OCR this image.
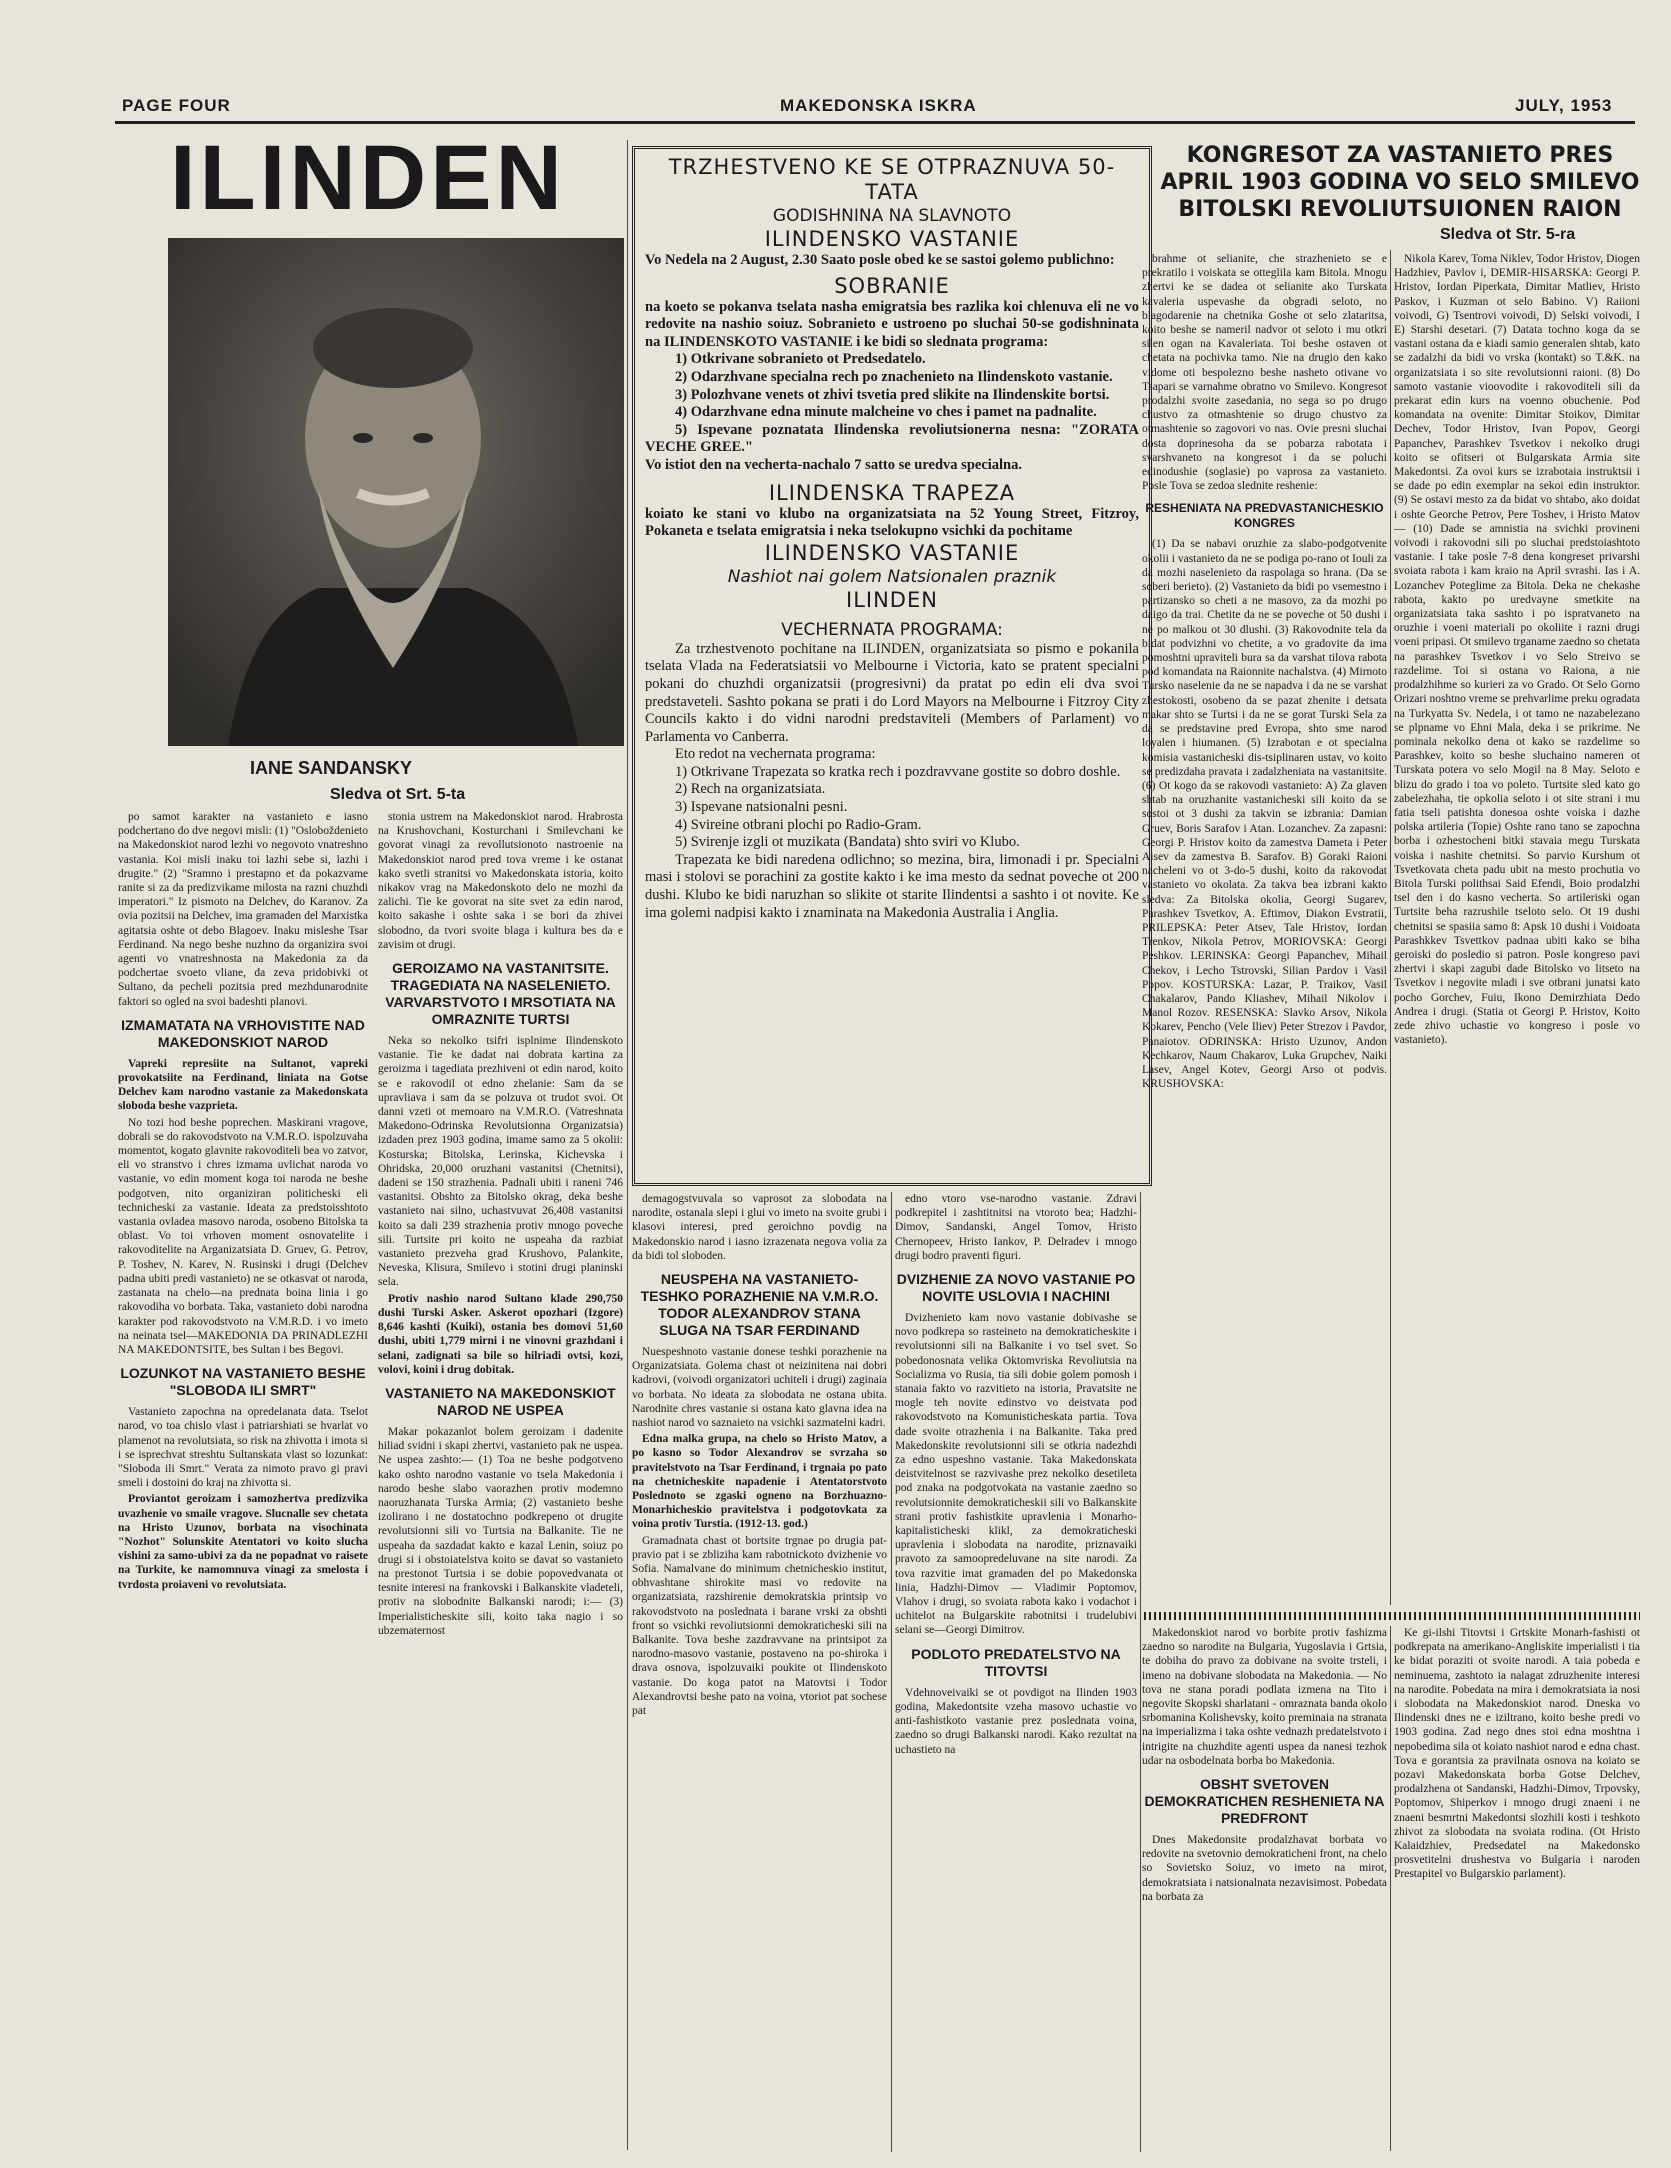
PAGE FOUR	MAKEDONSKA ISKRA	JULY, 1953
ILINDEN
IANE SANDANSKY
Sledva ot Srt. 5-ta

po samot karakter na vastanieto e iasno podchertano do dve negovi misli: (1) "Osloboždenieto na Makedonskiot narod lezhi vo negovoto vnatreshno vastania. Koi misli inaku toi lazhi sebe si, lazhi i drugite." (2) "Sramno i prestapno et da pokazvame ranite si za da predizvikame milosta na razni chuzhdi imperatori." Iz pismoto na Delchev, do Karanov. Za ovia pozitsii na Delchev, ima gramaden del Marxistka agitatsia oshte ot debo Blagoev. Inaku misleshe Tsar Ferdinand. Na nego beshe nuzhno da organizira svoi agenti vo vnatreshnosta na Makedonia za da podchertae svoeto vliane, da zeva pridobivki ot Sultano, da pecheli pozitsia pred mezhdunarodnite faktori so ogled na svoi badeshti planovi.

IZMAMATATA NA VRHOVISTITE NAD MAKEDONSKIOT NAROD

Vapreki represiite na Sultanot, vapreki provokatsiite na Ferdinand, liniata na Gotse Delchev kam narodno vastanie za Makedonskata sloboda beshe vazprieta.

No tozi hod beshe poprechen. Maskirani vragove, dobrali se do rakovodstvoto na V.M.R.O. ispolzuvaha momentot, kogato glavnite rakovoditeli bea vo zatvor, eli vo stranstvo i chres izmama uvlichat naroda vo vastanie, vo edin moment koga toi naroda ne beshe podgotven, nito organiziran politicheski eli technicheski za vastanie. Ideata za predstoisshtoto vastania ovladea masovo naroda, osobeno Bitolska ta oblast. Vo toi vrhoven moment osnovatelite i rakovoditelite na Arganizatsiata D. Gruev, G. Petrov, P. Toshev, N. Karev, N. Rusinski i drugi (Delchev padna ubiti predi vastanieto) ne se otkasvat ot naroda, zastanata na chelo—na prednata boina linia i go rakovodiha vo borbata. Taka, vastanieto dobi narodna karakter pod rakovodstvoto na V.M.R.D. i vo imeto na neinata tsel—MAKEDONIA DA PRINADLEZHI NA MAKEDONTSITE, bes Sultan i bes Begovi.

LOZUNKOT NA VASTANIETO BESHE "SLOBODA ILI SMRT"

Vastanieto zapochna na opredelanata data. Tselot narod, vo toa chislo vlast i patriarshiati se hvarlat vo plamenot na revolutsiata, so risk na zhivotta i imota si i se isprechvat streshtu Sultanskata vlast so lozunkat: "Sloboda ili Smrt." Verata za nimoto pravo gi pravi smeli i dostoini do kraj na zhivotta si.

Proviantot geroizam i samozhertva predizvika uvazhenie vo smaile vragove. Slucnalle sev chetata na Hristo Uzunov, borbata na visochinata "Nozhot" Solunskite Atentatori vo koito slucha vishini za samo-ubivi za da ne popadnat vo raisete na Turkite, ke namomnuva vinagi za smelosta i tvrdosta proiaveni vo revolutsiata.

stonia ustrem na Makedonskiot narod. Hrabrosta na Krushovchani, Kosturchani i Smilevchani ke govorat vinagi za revollutsionoto nastroenie na Makedonskiot narod pred tova vreme i ke ostanat kako svetli stranitsi vo Makedonskata istoria, koito nikakov vrag na Makedonskoto delo ne mozhi da zalichi. Tie ke govorat na site svet za edin narod, koito sakashe i oshte saka i se bori da zhivei slobodno, da tvori svoite blaga i kultura bes da e zavisim ot drugi.

GEROIZAMO NA VASTANITSITE. TRAGEDIATA NA NASELENIETO. VARVARSTVOTO I MRSOTIATA NA OMRAZNITE TURTSI

Neka so nekolko tsifri isplnime Ilindenskoto vastanie. Tie ke dadat nai dobrata kartina za geroizma i tagediata prezhiveni ot edin narod, koito se e rakovodil ot edno zhelanie: Sam da se upravliava i sam da se polzuva ot trudot svoi. Ot danni vzeti ot memoaro na V.M.R.O. (Vatreshnata Makedono-Odrinska Revolutsionna Organizatsia) izdaden prez 1903 godina, imame samo za 5 okolii: Kosturska; Bitolska, Lerinska, Kichevska i Ohridska, 20,000 oruzhani vastanitsi (Chetnitsi), dadeni se 150 strazhenia. Padnali ubiti i raneni 746 vastanitsi. Obshto za Bitolsko okrag, deka beshe vastanieto nai silno, uchastvuvat 26,408 vastanitsi koito sa dali 239 strazhenia protiv mnogo poveche sili. Turtsite pri koito ne uspeaha da razbiat vastanieto prezveha grad Krushovo, Palankite, Neveska, Klisura, Smilevo i stotini drugi planinski sela.

Protiv nashio narod Sultano klade 290,750 dushi Turski Asker. Askerot opozhari (Izgore) 8,646 kashti (Kuiki), ostania bes domovi 51,60 dushi, ubiti 1,779 mirni i ne vinovni grazhdani i selani, zadignati sa bile so hilriadi ovtsi, kozi, volovi, koini i drug dobitak.

VASTANIETO NA MAKEDONSKIOT NAROD NE USPEA

Makar pokazanlot bolem geroizam i dadenite hiliad svidni i skapi zhertvi, vastanieto pak ne uspea. Ne uspea zashto:— (1) Toa ne beshe podgotveno kako oshto narodno vastanie vo tsela Makedonia i narodo beshe slabo vaorazhen protiv modemno naoruzhanata Turska Armia; (2) vastanieto beshe izolirano i ne dostatochno podkrepeno ot drugite revolutsionni sili vo Turtsia na Balkanite. Tie ne uspeaha da sazdadat kakto e kazal Lenin, soiuz po drugi si i obstoiatelstva koito se davat so vastanieto na prestonot Turtsia i se dobie popovedvanata ot tesnite interesi na frankovski i Balkanskite vladeteli, protiv na slobodnite Balkanski narodi; i:— (3) Imperialisticheskite sili, koito taka nagio i so ubzematernost

TRZHESTVENO KE SE OTPRAZNUVA 50-TATA
GODISHNINA NA SLAVNOTO
ILINDENSKO VASTANIE

Vo Nedela na 2 August, 2.30 Saato posle obed ke se sastoi golemo publichno:

SOBRANIE

na koeto se pokanva tselata nasha emigratsia bes razlika koi chlenuva eli ne vo redovite na nashio soiuz. Sobranieto e ustroeno po sluchai 50-se godishninata na ILINDENSKOTO VASTANIE i ke bidi so slednata programa:

1) Otkrivane sobranieto ot Predsedatelo.

2) Odarzhvane specialna rech po znachenieto na Ilindenskoto vastanie.

3) Polozhvane venets ot zhivi tsvetia pred slikite na Ilindenskite bortsi.

4) Odarzhvane edna minute malcheine vo ches i pamet na padnalite.

5) Ispevane poznatata Ilindenska revoliutsionerna nesna: "ZORATA VECHE GREE."

Vo istiot den na vecherta-nachalo 7 satto se uredva specialna.

ILINDENSKA TRAPEZA

koiato ke stani vo klubo na organizatsiata na 52 Young Street, Fitzroy, Pokaneta e tselata emigratsia i neka tselokupno vsichki da pochitame

ILINDENSKO VASTANIE
Nashiot nai golem Natsionalen praznik
ILINDEN
VECHERNATA PROGRAMA:

Za trzhestvenoto pochitane na ILINDEN, organizatsiata so pismo e pokanila tselata Vlada na Federatsiatsii vo Melbourne i Victoria, kato se pratent specialni pokani do chuzhdi organizatsii (progresivni) da pratat po edin eli dva svoi predstaveteli. Sashto pokana se prati i do Lord Mayors na Melbourne i Fitzroy City Councils kakto i do vidni narodni predstaviteli (Members of Parlament) vo Parlamenta vo Canberra.

Eto redot na vechernata programa:

1) Otkrivane Trapezata so kratka rech i pozdravvane gostite so dobro doshle.

2) Rech na organizatsiata.

3) Ispevane natsionalni pesni.

4) Svireine otbrani plochi po Radio-Gram.

5) Svirenje izgli ot muzikata (Bandata) shto sviri vo Klubo.

Trapezata ke bidi naredena odlichno; so mezina, bira, limonadi i pr. Specialni masi i stolovi se porachini za gostite kakto i ke ima mesto da sednat poveche ot 200 dushi. Klubo ke bidi naruzhan so slikite ot starite Ilindentsi a sashto i ot novite. Ke ima golemi nadpisi kakto i znaminata na Makedonia Australia i Anglia.

KONGRESOT ZA VASTANIETO PRES APRIL 1903 GODINA VO SELO SMILEVO BITOLSKI REVOLIUTSUIONEN RAION
Sledva ot Str. 5-ra

brahme ot selianite, che strazhenieto se e prekratilo i voiskata se otteglila kam Bitola. Mnogu zhertvi ke se dadea ot selianite ako Turskata kavaleria uspevashe da obgradi seloto, no blagodarenie na chetnika Goshe ot selo zlataritsa, koito beshe se nameril nadvor ot seloto i mu otkri silen ogan na Kavaleriata. Toi beshe ostaven ot chetata na pochivka tamo. Nie na drugio den kako vidome oti bespolezno beshe nasheto otivane vo Tsapari se varnahme obratno vo Smilevo. Kongresot prodalzhi svoite zasedania, no sega so po drugo chustvo za otmashtenie so drugo chustvo za otmashtenie so zagovori vo nas. Ovie presni sluchai dosta doprinesoha da se pobarza rabotata i svarshvaneto na kongresot i da se poluchi edinodushie (soglasie) po vaprosa za vastanieto. Posle Tova se zedoa slednite reshenie:

RESHENIATA NA PREDVASTANICHESKIO KONGRES

(1) Da se nabavi oruzhie za slabo-podgotvenite okolii i vastanieto da ne se podiga po-rano ot Iouli za da mozhi naselenieto da raspolaga so hrana. (Da se soberi berieto). (2) Vastanieto da bidi po vsemestno i partizansko so cheti a ne masovo, za da mozhi po daigo da trai. Chetite da ne se poveche ot 50 dushi i ne po malkou ot 30 dlushi. (3) Rakovodnite tela da bidat podvizhni vo chetite, a vo gradovite da ima pomoshtni upraviteli bura sa da varshat tilova rabota pod komandata na Raionnite nachalstva. (4) Mirnoto Tursko naselenie da ne se napadva i da ne se varshat zhestokosti, osobeno da se pazat zhenite i detsata makar shto se Turtsi i da ne se gorat Turski Sela za da se predstavine pred Evropa, shto sme narod loyalen i hiumanen. (5) Izrabotan e ot specialna komisia vastanicheski dis-tsiplinaren ustav, vo koito se predizdaha pravata i zadalzheniata na vastanitsite. (6) Ot kogo da se rakovodi vastanieto: A) Za glaven shtab na oruzhanite vastanicheski sili koito da se sostoi ot 3 dushi za takvin se izbrania: Damian Gruev, Boris Sarafov i Atan. Lozanchev. Za zapasni: Georgi P. Hristov koito da zamestva Dameta i Peter Aisev da zamestva B. Sarafov. B) Goraki Raioni nacheleni vo ot 3-do-5 dushi, koito da rakovodat vastanieto vo okolata. Za takva bea izbrani kakto sledva: Za Bitolska okolia, Georgi Sugarev, Parashkev Tsvetkov, A. Eftimov, Diakon Evstratii, PRILEPSKA: Peter Atsev, Tale Hristov, Iordan Trenkov, Nikola Petrov, MORIOVSKA: Georgi Peshkov. LERINSKA: Georgi Papanchev, Mihail Chekov, i Lecho Tstrovski, Silian Pardov i Vasil Popov. KOSTURSKA: Lazar, P. Traikov, Vasil Chakalarov, Pando Kliashev, Mihail Nikolov i Manol Rozov. RESENSKA: Slavko Arsov, Nikola Kokarev, Pencho (Vele Iliev) Peter Strezov i Pavdor, Panaiotov. ODRINSKA: Hristo Uzunov, Andon Kechkarov, Naum Chakarov, Luka Grupchev, Naiki Lasev, Angel Kotev, Georgi Arso ot podvis. KRUSHOVSKA:

Nikola Karev, Toma Niklev, Todor Hristov, Diogen Hadzhiev, Pavlov i, DEMIR-HISARSKA: Georgi P. Hristov, Iordan Piperkata, Dimitar Matliev, Hristo Paskov, i Kuzman ot selo Babino. V) Raiioni voivodi, G) Tsentrovi voivodi, D) Selski voivodi, I E) Starshi desetari. (7) Datata tochno koga da se vastani ostana da e kiadi samio generalen shtab, kato se zadalzhi da bidi vo vrska (kontakt) so T.&K. na organizatsiata i so site revolutsionni raioni. (8) Do samoto vastanie vioovodite i rakovoditeli sili da prekarat edin kurs na voenno obuchenie. Pod komandata na ovenite: Dimitar Stoikov, Dimitar Dechev, Todor Hristov, Ivan Popov, Georgi Papanchev, Parashkev Tsvetkov i nekolko drugi koito se ofitseri ot Bulgarskata Armia site Makedontsi. Za ovoi kurs se izrabotaia instruktsii i se dade po edin exemplar na sekoi edin instruktor. (9) Se ostavi mesto za da bidat vo shtabo, ako doidat i oshte Georche Petrov, Pere Toshev, i Hristo Matov— (10) Dade se amnistia na svichki provineni voivodi i rakovodni sili po sluchai predstoiashtoto vastanie. I take posle 7-8 dena kongreset privarshi svoiata rabota i kam kraio na April svrashi. Ias i A. Lozanchev Poteglime za Bitola. Deka ne chekashe rabota, kakto po uredvayne smetkite na organizatsiata taka sashto i po ispratvaneto na oruzhie i voeni materiali po okoliite i razni drugi voeni pripasi. Ot smilevo trganame zaedno so chetata na parashkev Tsvetkov i vo Selo Streivo se razdelime. Toi si ostana vo Raiona, a nie prodalzhihme so kurieri za vo Grado. Ot Selo Gorno Orizari noshtno vreme se prehvarlime preku ogradata na Turkyatta Sv. Nedela, i ot tamo ne nazabelezano se plpname vo Ehni Mala, deka i se prikrime. Ne pominala nekolko dena ot kako se razdelime so Parashkev, koito so beshe sluchaino nameren ot Turskata potera vo selo Mogil na 8 May. Seloto e blizu do grado i toa vo poleto. Turtsite sled kato go zabelezhaha, tie opkolia seloto i ot site strani i mu fatia tseli patishta donesoa oshte voiska i dazhe polska artileria (Topie) Oshte rano tano se zapochna borba i ozhestocheni bitki stavaia megu Turskata voiska i nashite chetnitsi. So parvio Kurshum ot Tsvetkovata cheta padu ubit na mesto prochutia vo Bitola Turski polithsai Said Efendi, Boio prodalzhi tsel den i do kasno vecherta. So artileriski ogan Turtsite beha razrushile tseloto selo. Ot 19 dushi chetnitsi se spasiia samo 8: Apsk 10 dushi i Voidoata Parashkkev Tsvettkov padnaa ubiti kako se biha geroiski do posledio si patron. Posle kongreso pavi zhertvi i skapi zagubi dade Bitolsko vo litseto na Tsvetkov i negovite mladi i sve otbrani junatsi kato pocho Gorchev, Fuiu, Ikono Demirzhiata Dedo Andrea i drugi. (Statia ot Georgi P. Hristov, Koito zede zhivo uchastie vo kongreso i posle vo vastanieto).

demagogstvuvala so vaprosot za slobodata na narodite, ostanala slepi i glui vo imeto na svoite grubi i klasovi interesi, pred geroichno povdig na Makedonskio narod i iasno izrazenata negova volia za da bidi tol sloboden.

NEUSPEHA NA VASTANIETO-TESHKO PORAZHENIE NA V.M.R.O. TODOR ALEXANDROV STANA SLUGA NA TSAR FERDINAND

Nuespeshnoto vastanie donese teshki porazhenie na Organizatsiata. Golema chast ot neizinitena nai dobri kadrovi, (voivodi organizatori uchiteli i drugi) zaginaia vo borbata. No ideata za slobodata ne ostana ubita. Narodnite chres vastanie si ostana kato glavna idea na nashiot narod vo saznaieto na vsichki sazmatelni kadri.

Edna malka grupa, na chelo so Hristo Matov, a po kasno so Todor Alexandrov se svrzaha so pravitelstvoto na Tsar Ferdinand, i trgnaia po pato na chetnicheskite napadenie i Atentatorstvoto Poslednoto se zgaski ogneno na Borzhuazno-Monarhicheskio pravitelstva i podgotovkata za voina protiv Turstia. (1912-13. god.)

Gramadnata chast ot bortsite trgnae po drugia pat-pravio pat i se zbliziha kam rabotnickoto dvizhenie vo Sofia. Namalvane do minimum chetnicheskio institut, obhvashtane shirokite masi vo redovite na organizatsiata, razshirenie demokratskia printsip vo rakovodstvoto na poslednata i barane vrski za obshti front so vsichki revoliutsionni demokraticheski sili na Balkanite. Tova beshe zazdravvane na printsipot za narodno-masovo vastanie, postaveno na po-shiroka i drava osnova, ispolzuvaiki poukite ot Ilindenskoto vastanie. Do koga patot na Matovtsi i Todor Alexandrovtsi beshe pato na voina, vtoriot pat sochese pat

edno vtoro vse-narodno vastanie. Zdravi podkrepitel i zashtitnitsi na vtoroto bea; Hadzhi-Dimov, Sandanski, Angel Tomov, Hristo Chernopeev, Hristo Iankov, P. Delradev i mnogo drugi bodro praventi figuri.

DVIZHENIE ZA NOVO VASTANIE PO NOVITE USLOVIA I NACHINI

Dvizhenieto kam novo vastanie dobivashe se novo podkrepa so rasteineto na demokraticheskite i revolutsionni sili na Balkanite i vo tsel svet. So pobedonosnata velika Oktomvriska Revoliutsia na Socializma vo Rusia, tia sili dobie golem pomosh i stanaia fakto vo razvitieto na istoria, Pravatsite ne mogle teh novite edinstvo vo deistvata pod rakovodstvoto na Komunisticheskata partia. Tova dade svoite otrazhenia i na Balkanite. Taka pred Makedonskite revolutsionni sili se otkria nadezhdi za edno uspeshno vastanie. Taka Makedonskata deistvitelnost se razvivashe prez nekolko desetileta pod znaka na podgotvokata na vastanie zaedno so revolutsionnite demokraticheskii sili vo Balkanskite strani protiv fashistkite upravlenia i Monarho-kapitalisticheski klikl, za demokraticheski upravlenia i slobodata na narodite, priznavaiki pravoto za samoopredeluvane na site narodi. Za tova razvitie imat gramaden del po Makedonska linia, Hadzhi-Dimov — Vladimir Poptomov, Vlahov i drugi, so svoiata rabota kako i vodachot i uchitelot na Bulgarskite rabotnitsi i trudelubivi selani se—Georgi Dimitrov.

PODLOTO PREDATELSTVO NA TITOVTSI

Vdehnoveivaiki se ot povdigot na Ilinden 1903 godina, Makedontsite vzeha masovo uchastie vo anti-fashistkoto vastanie prez poslednata voina, zaedno so drugi Balkanski narodi. Kako rezultat na uchastieto na

Makedonskiot narod vo borbite protiv fashizma zaedno so narodite na Bulgaria, Yugoslavia i Grtsia, te dobiha do pravo za dobivane na svoite trsteli, i imeno na dobivane slobodata na Makedonia. — No tova ne stana poradi podlata izmena na Tito i negovite Skopski sharlatani - omraznata banda okolo srbomanina Kolishevsky, koito preminaia na stranata na imperializma i taka oshte vednazh predatelstvoto i intrigite na chuzhdite agenti uspea da nanesi tezhok udar na osbodelnata borba bo Makedonia.

OBSHT SVETOVEN DEMOKRATICHEN RESHENIETA NA PREDFRONT

Dnes Makedonsite prodalzhavat borbata vo redovite na svetovnio demokraticheni front, na chelo so Sovietsko Soiuz, vo imeto na mirot, demokratsiata i natsionalnata nezavisimost. Pobedata na borbata za

Ke gi-ilshi Titovtsi i Grtskite Monarh-fashisti ot podkrepata na amerikano-Angliskite imperialisti i tia ke bidat poraziti ot svoite narodi. A taia pobeda e neminuema, zashtoto ia nalagat zdruzhenite interesi na narodite. Pobedata na mira i demokratsiata ia nosi i slobodata na Makedonskiot narod. Dneska vo Ilindenski dnes ne e iziltrano, koito beshe predi vo 1903 godina. Zad nego dnes stoi edna moshtna i nepobedima sila ot koiato nashiot narod e edna chast. Tova e gorantsia za pravilnata osnova na koiato se pozavi Makedonskata borba Gotse Delchev, prodalzhena ot Sandanski, Hadzhi-Dimov, Trpovsky, Poptomov, Shiperkov i mnogo drugi znaeni i ne znaeni besmrtni Makedontsi slozhili kosti i teshkoto zhivot za slobodata na svoiata rodina. (Ot Hristo Kalaidzhiev, Predsedatel na Makedonsko prosvetitelni drushestva vo Bulgaria i naroden Prestapitel vo Bulgarskio parlament).
